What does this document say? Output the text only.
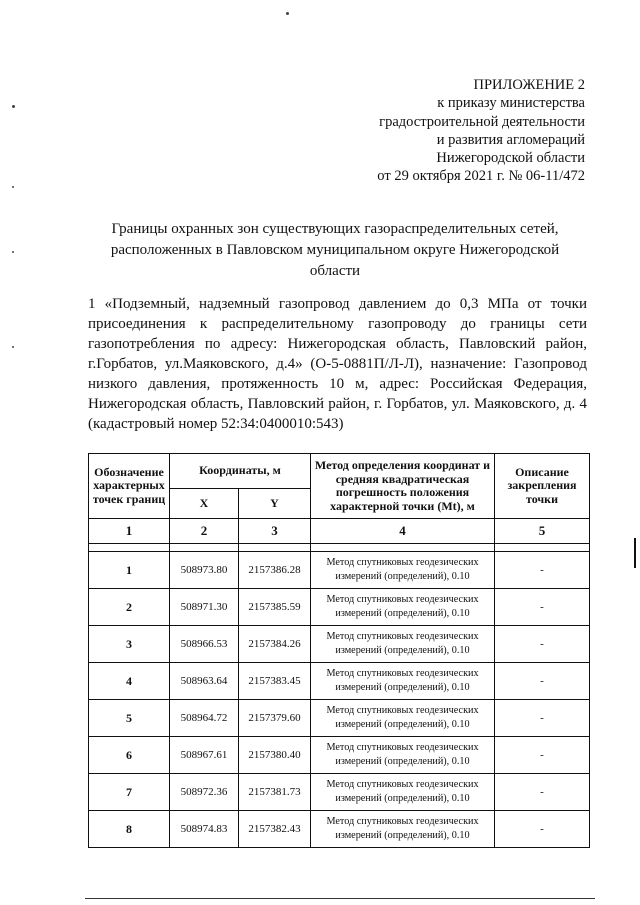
ПРИЛОЖЕНИЕ 2
к приказу министерства
градостроительной деятельности
и развития агломераций
Нижегородской области
от 29 октября 2021 г. № 06-11/472
Границы охранных зон существующих газораспределительных сетей, расположенных в Павловском муниципальном округе Нижегородской области
1 «Подземный, надземный газопровод давлением до 0,3 МПа от точки присоединения к распределительному газопроводу до границы сети газопотребления по адресу: Нижегородская область, Павловский район, г.Горбатов, ул.Маяковского, д.4» (О-5-0881П/Л-Л), назначение: Газопровод низкого давления, протяженность 10 м, адрес: Российская Федерация, Нижегородская область, Павловский район, г. Горбатов, ул. Маяковского, д. 4 (кадастровый номер 52:34:0400010:543)
Обозначение характерных точек границ	Координаты, м		Метод определения координат и средняя квадратическая погрешность положения характерной точки (Mt), м	Описание закрепления точки
	X	Y		
1	2	3	4	5

1	508973.80	2157386.28	Метод спутниковых геодезических измерений (определений), 0.10	-
2	508971.30	2157385.59	Метод спутниковых геодезических измерений (определений), 0.10	-
3	508966.53	2157384.26	Метод спутниковых геодезических измерений (определений), 0.10	-
4	508963.64	2157383.45	Метод спутниковых геодезических измерений (определений), 0.10	-
5	508964.72	2157379.60	Метод спутниковых геодезических измерений (определений), 0.10	-
6	508967.61	2157380.40	Метод спутниковых геодезических измерений (определений), 0.10	-
7	508972.36	2157381.73	Метод спутниковых геодезических измерений (определений), 0.10	-
8	508974.83	2157382.43	Метод спутниковых геодезических измерений (определений), 0.10	-
